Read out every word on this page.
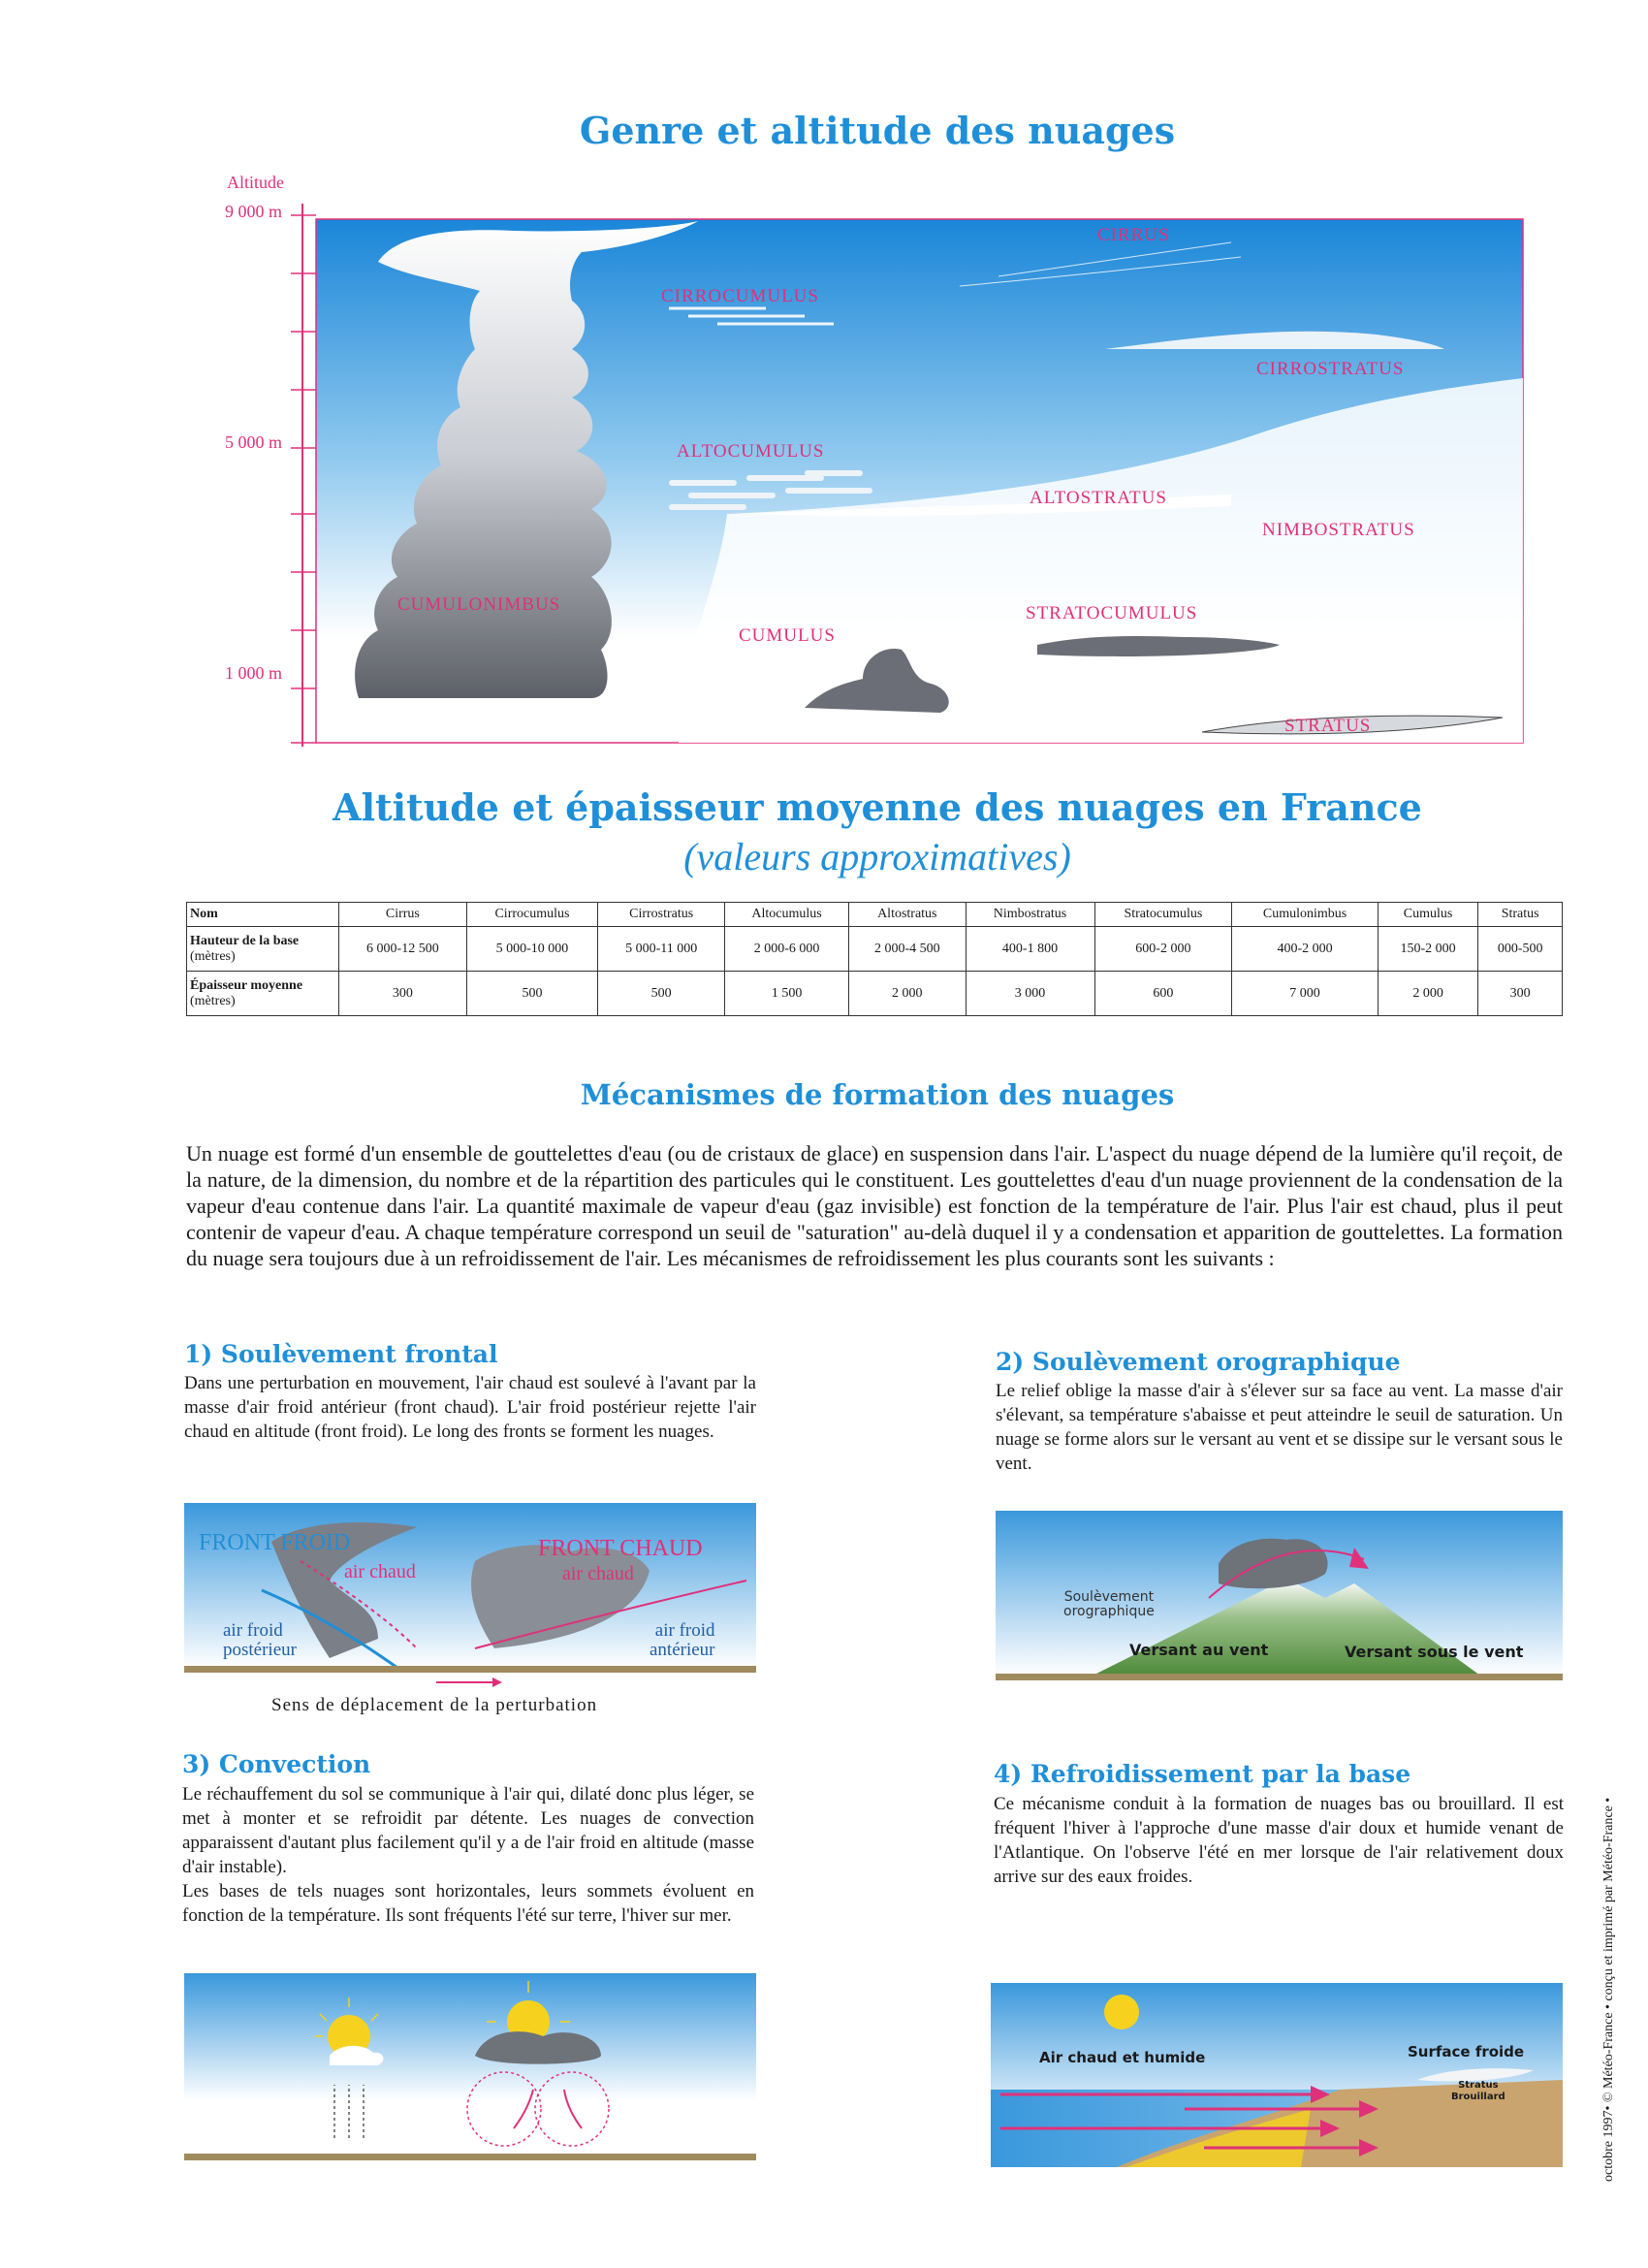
Genre et altitude des nuages
Altitude
9 000 m
5 000 m
1 000 m
CIRRUS
CIRROCUMULUS
CIRROSTRATUS
ALTOCUMULUS
ALTOSTRATUS
NIMBOSTRATUS
CUMULONIMBUS
CUMULUS
STRATOCUMULUS
STRATUS
Altitude et épaisseur moyenne des nuages en France
(valeurs approximatives)
Nom	Cirrus	Cirrocumulus	Cirrostratus	Altocumulus	Altostratus	Nimbostratus	Stratocumulus	Cumulonimbus	Cumulus	Stratus
Hauteur de la base
(mètres)	6 000-12 500	5 000-10 000	5 000-11 000	2 000-6 000	2 000-4 500	400-1 800	600-2 000	400-2 000	150-2 000	000-500
Épaisseur moyenne
(mètres)	300	500	500	1 500	2 000	3 000	600	7 000	2 000	300
Mécanismes de formation des nuages
Un nuage est formé d'un ensemble de gouttelettes d'eau (ou de cristaux de glace) en suspension dans l'air. L'aspect du nuage dépend de la lumière qu'il reçoit, de la nature, de la dimension, du nombre et de la répartition des particules qui le constituent. Les gouttelettes d'eau d'un nuage proviennent de la condensation de la vapeur d'eau contenue dans l'air. La quantité maximale de vapeur d'eau (gaz invisible) est fonction de la température de l'air. Plus l'air est chaud, plus il peut contenir de vapeur d'eau. A chaque température correspond un seuil de "saturation" au-delà duquel il y a condensation et apparition de gouttelettes. La formation du nuage sera toujours due à un refroidissement de l'air. Les mécanismes de refroidissement les plus courants sont les suivants :
1) Soulèvement frontal
Dans une perturbation en mouvement, l'air chaud est soulevé à l'avant par la masse d'air froid antérieur (front chaud). L'air froid postérieur rejette l'air chaud en altitude (front froid). Le long des fronts se forment les nuages.
FRONT FROID	FRONT CHAUD
air chaud	air chaud
air froid
postérieur
air froid
antérieur
Sens de déplacement de la perturbation
2) Soulèvement orographique
Le relief oblige la masse d'air à s'élever sur sa face au vent. La masse d'air s'élevant, sa température s'abaisse et peut atteindre le seuil de saturation. Un nuage se forme alors sur le versant au vent et se dissipe sur le versant sous le vent.
Soulèvement
orographique
Versant au vent	Versant sous le vent
3) Convection
Le réchauffement du sol se communique à l'air qui, dilaté donc plus léger, se met à monter et se refroidit par détente. Les nuages de convection apparaissent d'autant plus facilement qu'il y a de l'air froid en altitude (masse d'air instable).
Les bases de tels nuages sont horizontales, leurs sommets évoluent en fonction de la température. Ils sont fréquents l'été sur terre, l'hiver sur mer.
4) Refroidissement par la base
Ce mécanisme conduit à la formation de nuages bas ou brouillard. Il est fréquent l'hiver à l'approche d'une masse d'air doux et humide venant de l'Atlantique. On l'observe l'été en mer lorsque de l'air relativement doux arrive sur des eaux froides.
Air chaud et humide	Surface froide
Stratus
Brouillard	octobre 1997• © Météo-France • conçu et imprimé par Météo-France •
